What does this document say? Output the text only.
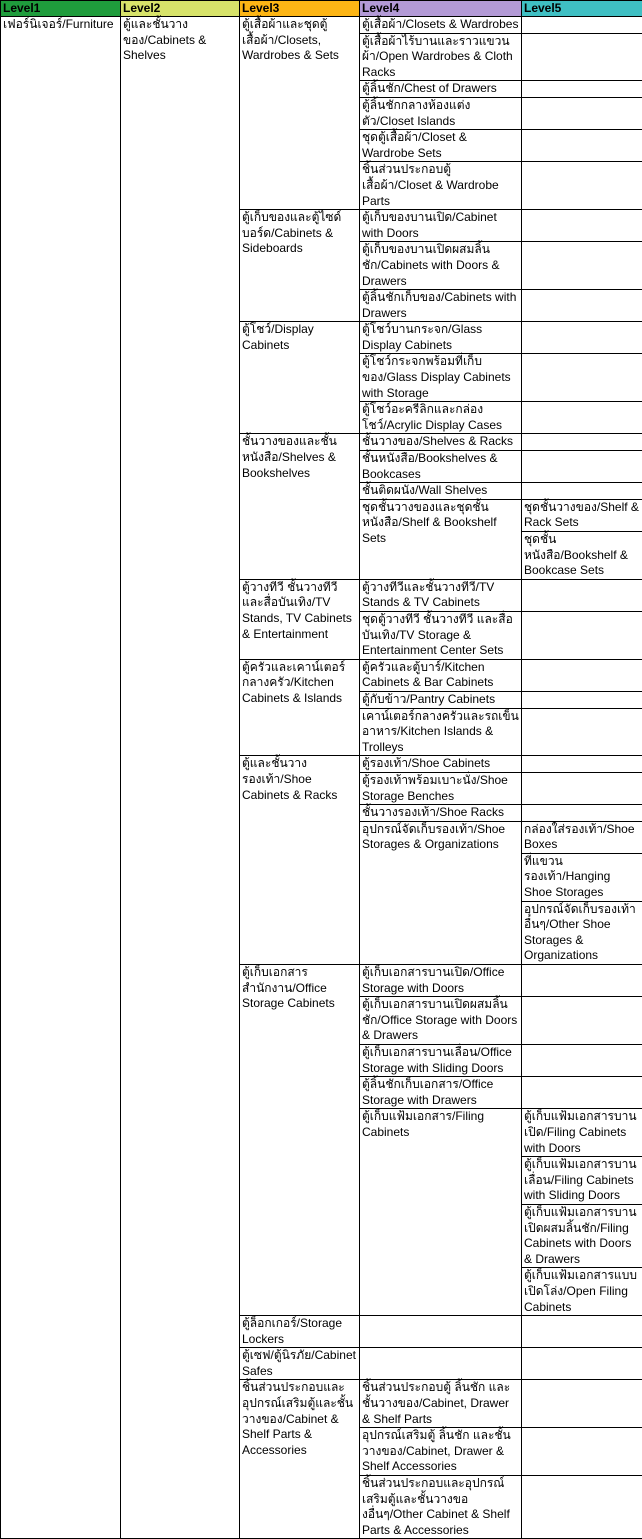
Level1	Level2	Level3	Level4	Level5
เฟอร์นิเจอร์/Furniture	ตู้และชั้นวางของ/Cabinets & Shelves	ตู้เสื้อผ้าและชุดตู้เสื้อผ้า/Closets, Wardrobes & Sets	ตู้เสื้อผ้า/Closets & Wardrobes	
			ตู้เสื้อผ้าไร้บานและราวแขวนผ้า/Open Wardrobes & Cloth Racks	
			ตู้ลิ้นชัก/Chest of Drawers	
			ตู้ลิ้นชักกลางห้องแต่งตัว/Closet Islands	
			ชุดตู้เสื้อผ้า/Closet & Wardrobe Sets	
			ชิ้นส่วนประกอบตู้เสื้อผ้า/Closet & Wardrobe Parts	
		ตู้เก็บของและตู้ไซด์บอร์ด/Cabinets & Sideboards	ตู้เก็บของบานเปิด/Cabinet with Doors	
			ตู้เก็บของบานเปิดผสมลิ้นชัก/Cabinets with Doors & Drawers	
			ตู้ลิ้นชักเก็บของ/Cabinets with Drawers	
		ตู้โชว์/Display Cabinets	ตู้โชว์บานกระจก/Glass Display Cabinets	
			ตู้โชว์กระจกพร้อมที่เก็บของ/Glass Display Cabinets with Storage	
			ตู้โชว์อะครีลิกและกล่องโชว์/Acrylic Display Cases	
		ชั้นวางของและชั้นหนังสือ/Shelves & Bookshelves	ชั้นวางของ/Shelves & Racks	
			ชั้นหนังสือ/Bookshelves & Bookcases	
			ชั้นติดผนัง/Wall Shelves	
			ชุดชั้นวางของและชุดชั้นหนังสือ/Shelf & Bookshelf Sets	ชุดชั้นวางของ/Shelf & Rack Sets
				ชุดชั้นหนังสือ/Bookshelf & Bookcase Sets
		ตู้วางทีวี ชั้นวางทีวีและสื่อบันเทิง/TV Stands, TV Cabinets & Entertainment	ตู้วางทีวีและชั้นวางทีวี/TV Stands & TV Cabinets	
			ชุดตู้วางทีวี ชั้นวางทีวี และสื่อบันเทิง/TV Storage & Entertainment Center Sets	
		ตู้ครัวและเคาน์เตอร์กลางครัว/Kitchen Cabinets & Islands	ตู้ครัวและตู้บาร์/Kitchen Cabinets & Bar Cabinets	
			ตู้กับข้าว/Pantry Cabinets	
			เคาน์เตอร์กลางครัวและรถเข็นอาหาร/Kitchen Islands & Trolleys	
		ตู้และชั้นวางรองเท้า/Shoe Cabinets & Racks	ตู้รองเท้า/Shoe Cabinets	
			ตู้รองเท้าพร้อมเบาะนั่ง/Shoe Storage Benches	
			ชั้นวางรองเท้า/Shoe Racks	
			อุปกรณ์จัดเก็บรองเท้า/Shoe Storages & Organizations	กล่องใส่รองเท้า/Shoe Boxes
				ที่แขวนรองเท้า/Hanging Shoe Storages
				อุปกรณ์จัดเก็บรองเท้าอื่นๆ/Other Shoe Storages & Organizations
		ตู้เก็บเอกสารสำนักงาน/Office Storage Cabinets	ตู้เก็บเอกสารบานเปิด/Office Storage with Doors	
			ตู้เก็บเอกสารบานเปิดผสมลิ้นชัก/Office Storage with Doors & Drawers	
			ตู้เก็บเอกสารบานเลื่อน/Office Storage with Sliding Doors	
			ตู้ลิ้นชักเก็บเอกสาร/Office Storage with Drawers	
			ตู้เก็บแฟ้มเอกสาร/Filing Cabinets	ตู้เก็บแฟ้มเอกสารบานเปิด/Filing Cabinets with Doors
				ตู้เก็บแฟ้มเอกสารบานเลื่อน/Filing Cabinets with Sliding Doors
				ตู้เก็บแฟ้มเอกสารบานเปิดผสมลิ้นชัก/Filing Cabinets with Doors & Drawers
				ตู้เก็บแฟ้มเอกสารแบบเปิดโล่ง/Open Filing Cabinets
		ตู้ล็อกเกอร์/Storage Lockers		
		ตู้เซฟ/ตู้นิรภัย/Cabinet Safes		
		ชิ้นส่วนประกอบและอุปกรณ์เสริมตู้และชั้นวางของ/Cabinet & Shelf Parts & Accessories	ชิ้นส่วนประกอบตู้ ลิ้นชัก และชั้นวางของ/Cabinet, Drawer & Shelf Parts	
			อุปกรณ์เสริมตู้ ลิ้นชัก และชั้นวางของ/Cabinet, Drawer & Shelf Accessories	
			ชิ้นส่วนประกอบและอุปกรณ์เสริมตู้และชั้นวางของอื่นๆ/Other Cabinet & Shelf Parts & Accessories	
